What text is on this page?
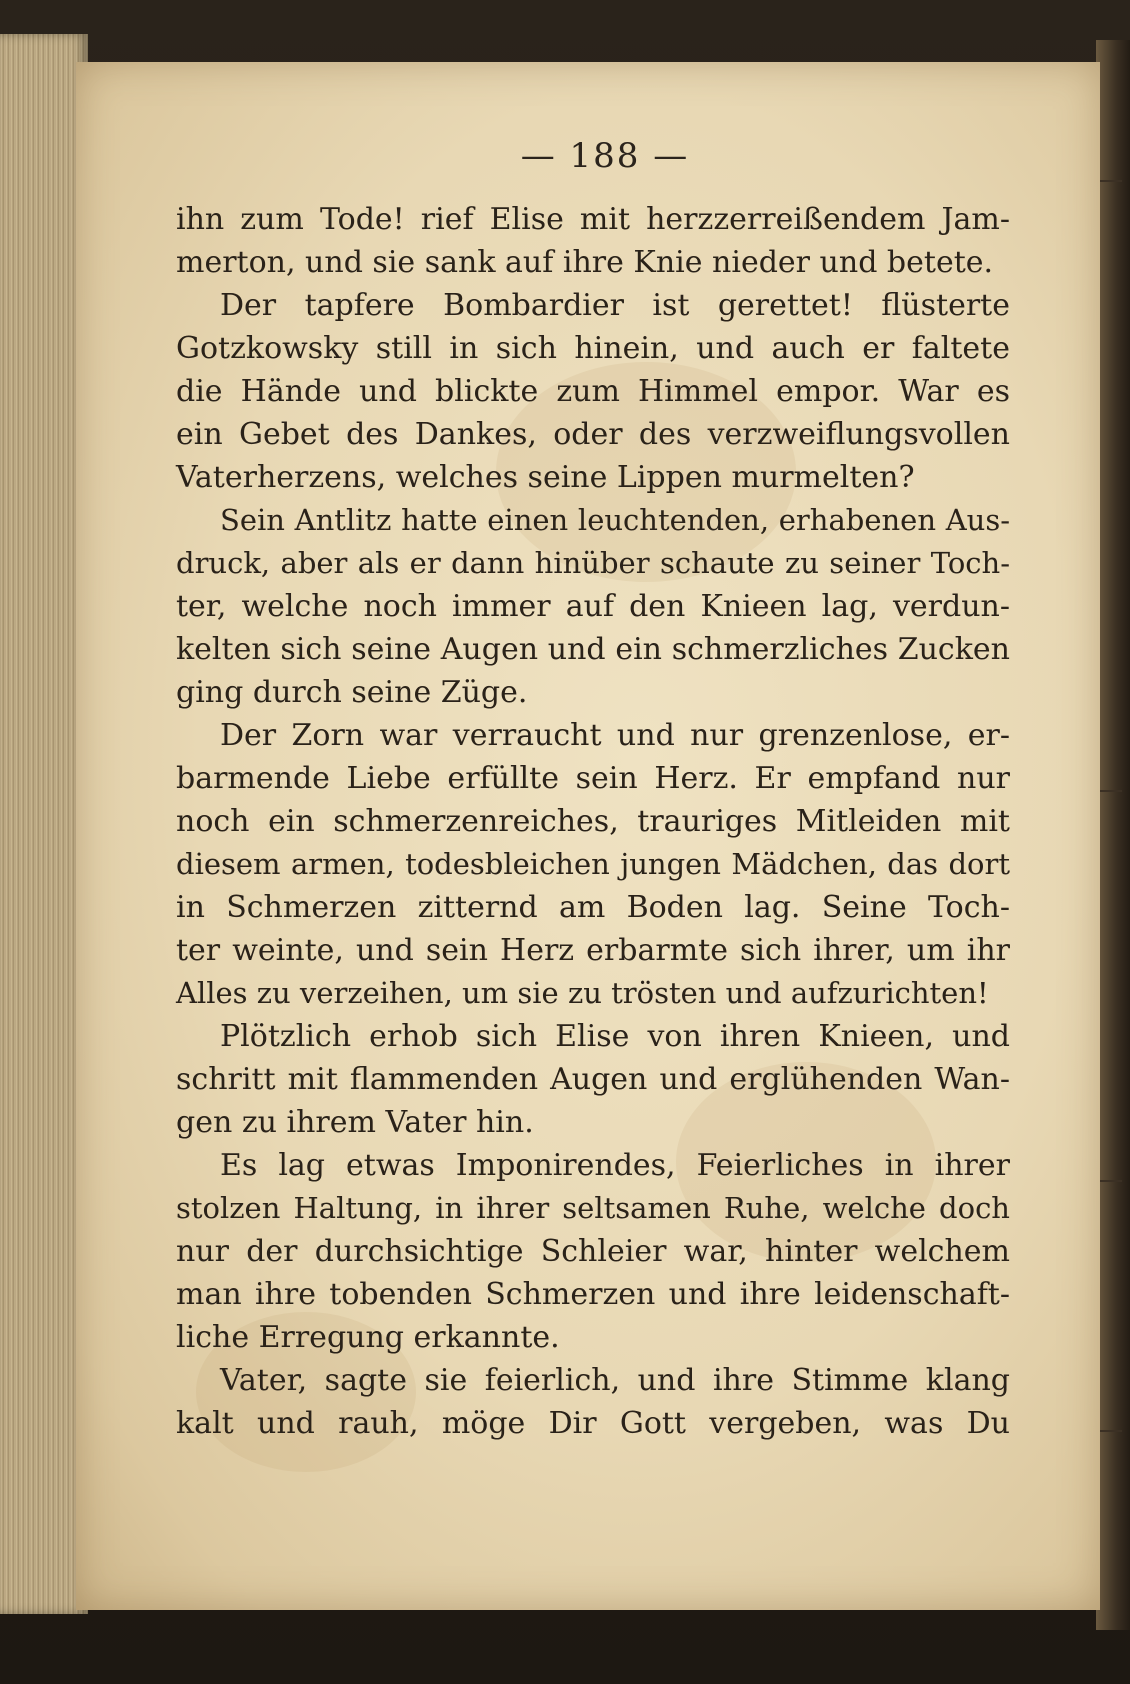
— 188 —
ihn zum Tode! rief Elise mit herzzerreißendem Jam-
merton, und sie sank auf ihre Knie nieder und betete.
Der tapfere Bombardier ist gerettet! flüsterte
Gotzkowsky still in sich hinein, und auch er faltete
die Hände und blickte zum Himmel empor. War es
ein Gebet des Dankes, oder des verzweiflungsvollen
Vaterherzens, welches seine Lippen murmelten?
Sein Antlitz hatte einen leuchtenden, erhabenen Aus-
druck, aber als er dann hinüber schaute zu seiner Toch-
ter, welche noch immer auf den Knieen lag, verdun-
kelten sich seine Augen und ein schmerzliches Zucken
ging durch seine Züge.
Der Zorn war verraucht und nur grenzenlose, er-
barmende Liebe erfüllte sein Herz. Er empfand nur
noch ein schmerzenreiches, trauriges Mitleiden mit
diesem armen, todesbleichen jungen Mädchen, das dort
in Schmerzen zitternd am Boden lag. Seine Toch-
ter weinte, und sein Herz erbarmte sich ihrer, um ihr
Alles zu verzeihen, um sie zu trösten und aufzurichten!
Plötzlich erhob sich Elise von ihren Knieen, und
schritt mit flammenden Augen und erglühenden Wan-
gen zu ihrem Vater hin.
Es lag etwas Imponirendes, Feierliches in ihrer
stolzen Haltung, in ihrer seltsamen Ruhe, welche doch
nur der durchsichtige Schleier war, hinter welchem
man ihre tobenden Schmerzen und ihre leidenschaft-
liche Erregung erkannte.
Vater, sagte sie feierlich, und ihre Stimme klang
kalt und rauh, möge Dir Gott vergeben, was Du
